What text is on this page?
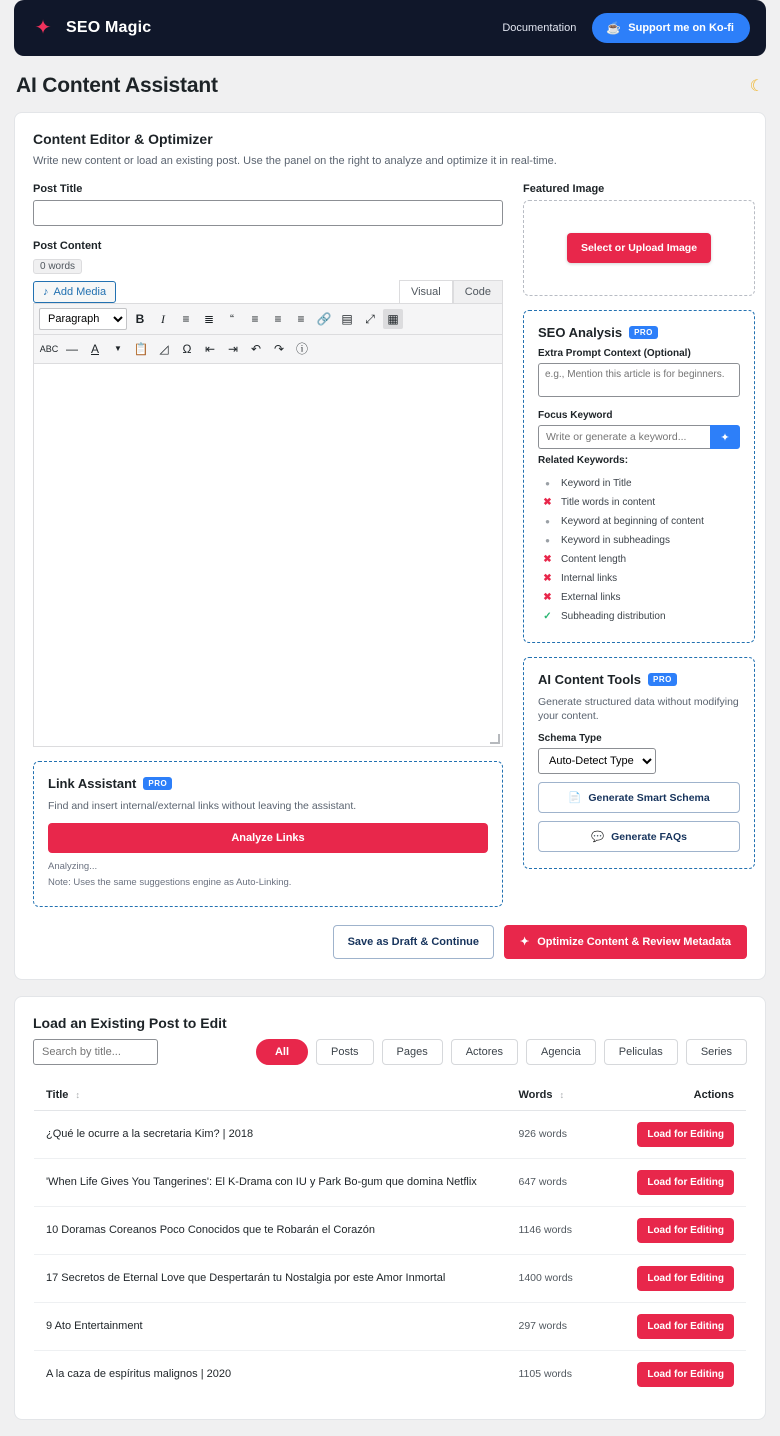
✦ SEO Magic	Documentation	☕ Support me on Ko-fi
AI Content Assistant	☾
Content Editor & Optimizer

Write new content or load an existing post. Use the panel on the right to analyze and optimize it in real-time.

Post Title
Post Content
0 words
♪ Add Media	Visual	Code
Paragraph
B	I	≡	≣	“	≡	≡	≡	🔗 ▤	⤢	▦
ABC —	A	▼ 📋 ◿	Ω	⇤	⇥	↶	↷ ⓘ
Link Assistant	PRO

Find and insert internal/external links without leaving the assistant.

Analyze Links
Analyzing...
Note: Uses the same suggestions engine as Auto-Linking.
Featured Image
Select or Upload Image
SEO Analysis	PRO
Extra Prompt Context (Optional)
e.g., Mention this article is for beginners.
Focus Keyword
Write or generate a keyword...
✦
Related Keywords:
●	Keyword in Title
✖ Title words in content
●	Keyword at beginning of content
●	Keyword in subheadings
✖ Content length
✖ Internal links
✖ External links
✓ Subheading distribution
AI Content Tools	PRO

Generate structured data without modifying your content.

Schema Type
Auto-Detect Type
📄 Generate Smart Schema
💬 Generate FAQs
Save as Draft & Continue	✦ Optimize Content & Review Metadata
Load an Existing Post to Edit
Search by title...
All	Posts	Pages	Actores	Agencia	Peliculas	Series
Title ↕	Words ↕	Actions
¿Qué le ocurre a la secretaria Kim? | 2018	926 words	Load for Editing
'When Life Gives You Tangerines': El K-Drama con IU y Park Bo-gum que domina Netflix	647 words	Load for Editing
10 Doramas Coreanos Poco Conocidos que te Robarán el Corazón	1146 words	Load for Editing
17 Secretos de Eternal Love que Despertarán tu Nostalgia por este Amor Inmortal	1400 words	Load for Editing
9 Ato Entertainment	297 words	Load for Editing
A la caza de espíritus malignos | 2020	1105 words	Load for Editing
